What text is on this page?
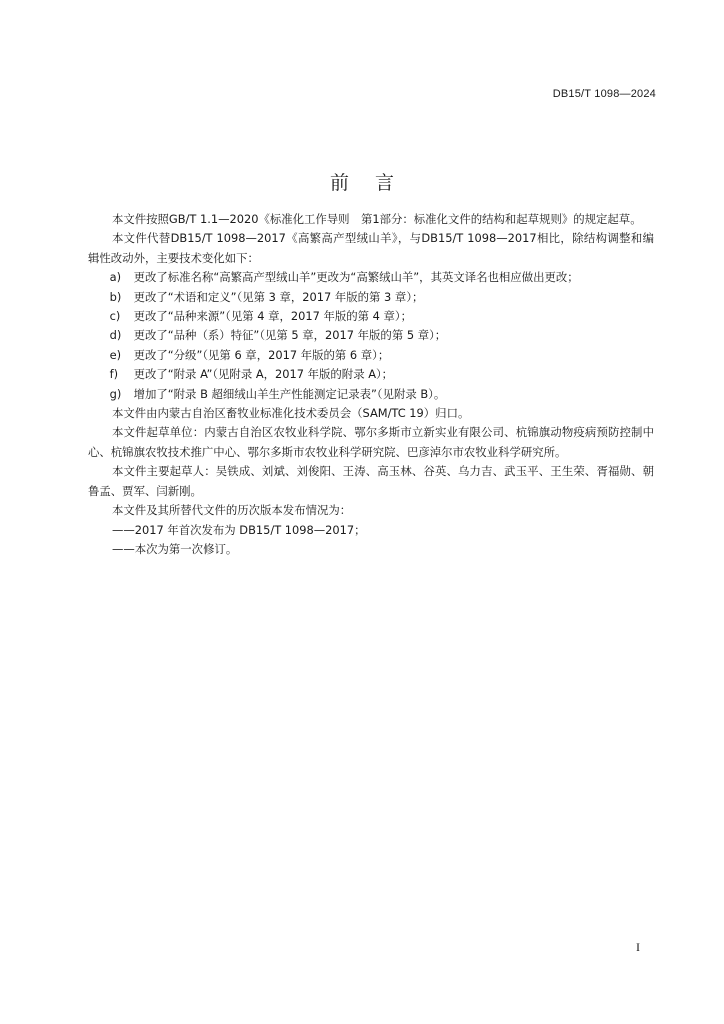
DB15/T 1098—2024
前言

本文件按照GB/T 1.1—2020《标准化工作导则　第1部分：标准化文件的结构和起草规则》的规定起草。

本文件代替DB15/T 1098—2017《高繁高产型绒山羊》，与DB15/T 1098—2017相比，除结构调整和编辑性改动外，主要技术变化如下：

a) 更改了标准名称“高繁高产型绒山羊”更改为“高繁绒山羊”，其英文译名也相应做出更改；

b) 更改了“术语和定义”（见第 3 章，2017 年版的第 3 章）；

c) 更改了“品种来源”（见第 4 章，2017 年版的第 4 章）；

d) 更改了“品种（系）特征”（见第 5 章，2017 年版的第 5 章）；

e) 更改了“分级”（见第 6 章，2017 年版的第 6 章）；

f) 更改了“附录 A”（见附录 A，2017 年版的附录 A）；

g) 增加了“附录 B 超细绒山羊生产性能测定记录表”（见附录 B）。

本文件由内蒙古自治区畜牧业标准化技术委员会（SAM/TC 19）归口。

本文件起草单位：内蒙古自治区农牧业科学院、鄂尔多斯市立新实业有限公司、杭锦旗动物疫病预防控制中心、杭锦旗农牧技术推广中心、鄂尔多斯市农牧业科学研究院、巴彦淖尔市农牧业科学研究所。

本文件主要起草人：吴铁成、刘斌、刘俊阳、王涛、高玉林、谷英、乌力吉、武玉平、王生荣、胥福勋、朝鲁孟、贾军、闫新刚。

本文件及其所替代文件的历次版本发布情况为：

——2017 年首次发布为 DB15/T 1098—2017；

——本次为第一次修订。

I
